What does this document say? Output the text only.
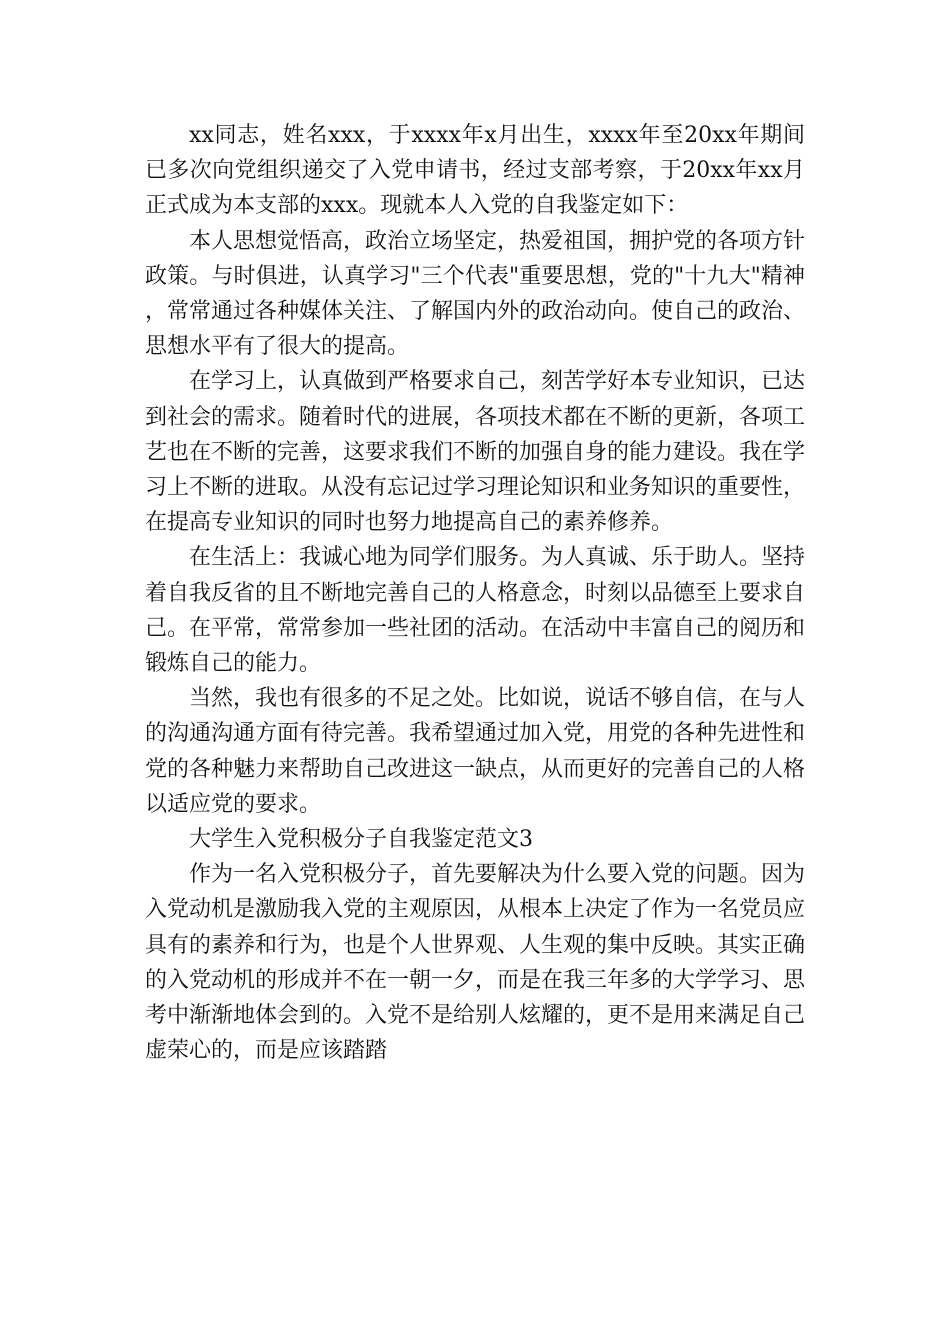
xx同志，姓名xxx，于xxxx年x月出生，xxxx年至20xx年期间已多次向党组织递交了入党申请书，经过支部考察，于20xx年xx月正式成为本支部的xxx。现就本人入党的自我鉴定如下：

本人思想觉悟高，政治立场坚定，热爱祖国，拥护党的各项方针政策。与时俱进，认真学习"三个代表"重要思想，党的"十九大"精神，常常通过各种媒体关注、了解国内外的政治动向。使自己的政治、思想水平有了很大的提高。

在学习上，认真做到严格要求自己，刻苦学好本专业知识，已达到社会的需求。随着时代的进展，各项技术都在不断的更新，各项工艺也在不断的完善，这要求我们不断的加强自身的能力建设。我在学习上不断的进取。从没有忘记过学习理论知识和业务知识的重要性，在提高专业知识的同时也努力地提高自己的素养修养。

在生活上：我诚心地为同学们服务。为人真诚、乐于助人。坚持着自我反省的且不断地完善自己的人格意念，时刻以品德至上要求自己。在平常，常常参加一些社团的活动。在活动中丰富自己的阅历和锻炼自己的能力。

当然，我也有很多的不足之处。比如说，说话不够自信，在与人的沟通沟通方面有待完善。我希望通过加入党，用党的各种先进性和党的各种魅力来帮助自己改进这一缺点，从而更好的完善自己的人格以适应党的要求。

大学生入党积极分子自我鉴定范文3

作为一名入党积极分子，首先要解决为什么要入党的问题。因为入党动机是激励我入党的主观原因，从根本上决定了作为一名党员应具有的素养和行为，也是个人世界观、人生观的集中反映。其实正确的入党动机的形成并不在一朝一夕，而是在我三年多的大学学习、思考中渐渐地体会到的。入党不是给别人炫耀的，更不是用来满足自己虚荣心的，而是应该踏踏
